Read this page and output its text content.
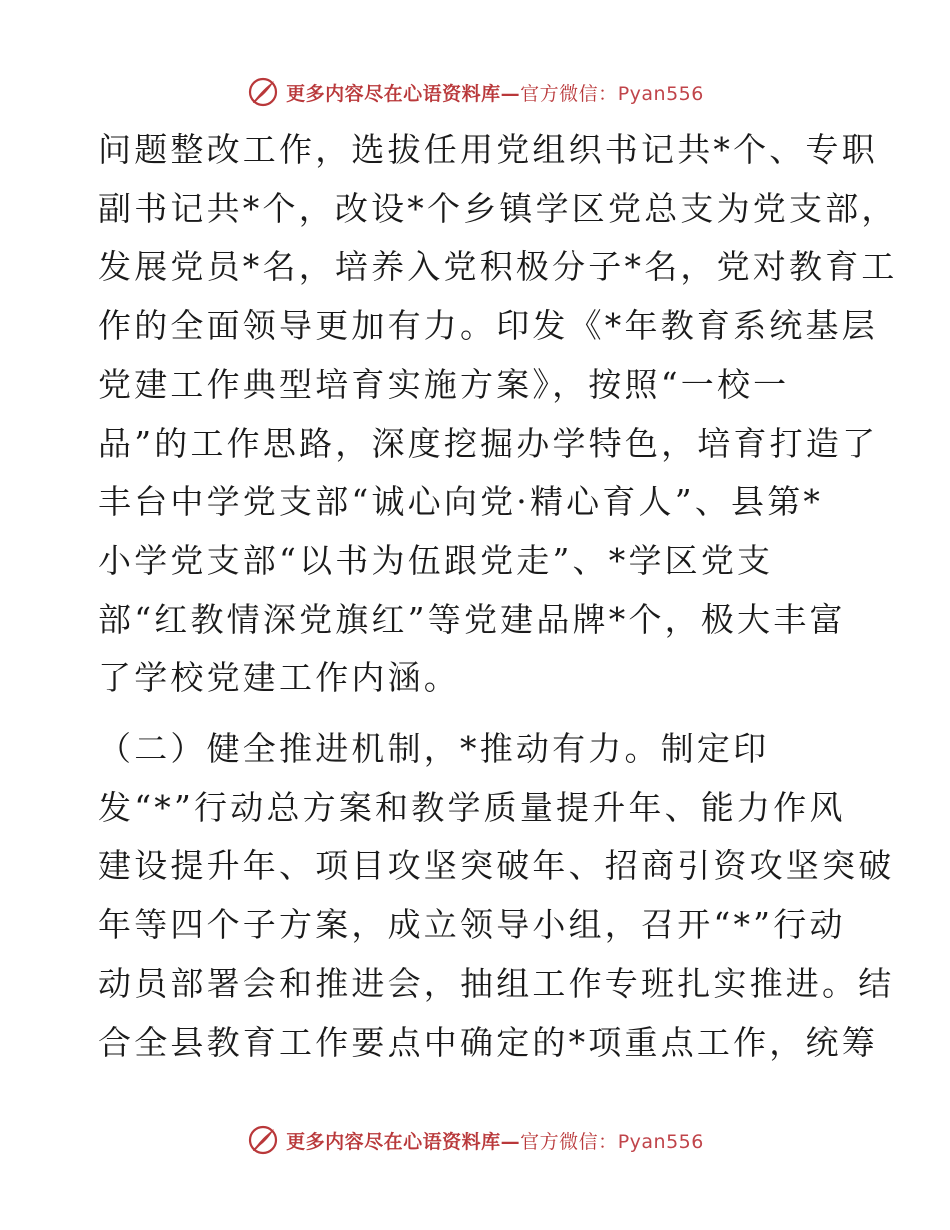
更多内容尽在心语资料库—官方微信：Pyan556
问题整改工作，选拔任用党组织书记共*个、专职
副书记共*个，改设*个乡镇学区党总支为党支部，
发展党员*名，培养入党积极分子*名，党对教育工
作的全面领导更加有力。印发《*年教育系统基层
党建工作典型培育实施方案》，按照“一校一
品”的工作思路，深度挖掘办学特色，培育打造了
丰台中学党支部“诚心向党·精心育人”、县第*
小学党支部“以书为伍跟党走”、*学区党支
部“红教情深党旗红”等党建品牌*个，极大丰富
了学校党建工作内涵。
（二）健全推进机制，*推动有力。制定印
发“*”行动总方案和教学质量提升年、能力作风
建设提升年、项目攻坚突破年、招商引资攻坚突破
年等四个子方案，成立领导小组，召开“*”行动
动员部署会和推进会，抽组工作专班扎实推进。结
合全县教育工作要点中确定的*项重点工作，统筹
更多内容尽在心语资料库—官方微信：Pyan556
